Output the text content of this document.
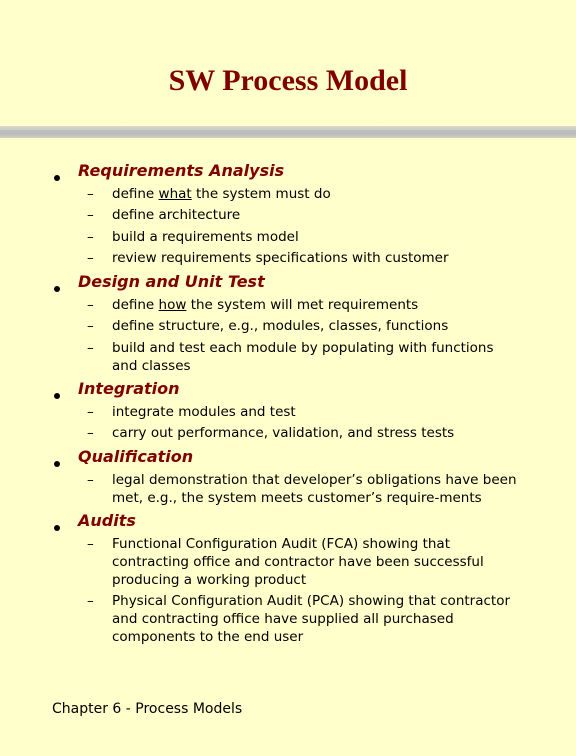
SW Process Model
Requirements Analysis
– define what the system must do
– define architecture
– build a requirements model
– review requirements specifications with customer
Design and Unit Test
– define how the system will met requirements
– define structure, e.g., modules, classes, functions
– build and test each module by populating with functions and classes
Integration
– integrate modules and test
– carry out performance, validation, and stress tests
Qualification
– legal demonstration that developer’s obligations have been met, e.g., the system meets customer’s require-ments
Audits
– Functional Configuration Audit (FCA) showing that contracting office and contractor have been successful producing a working product
– Physical Configuration Audit (PCA) showing that contractor and contracting office have supplied all purchased components to the end user
Chapter 6 - Process Models
